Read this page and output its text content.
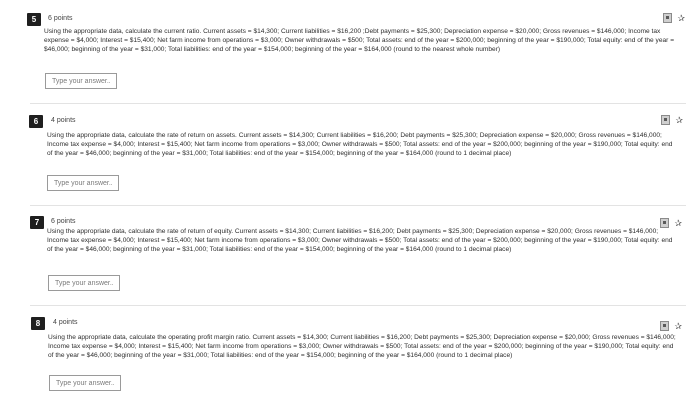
5	6 points	✰
Using the appropriate data, calculate the current ratio. Current assets = $14,300; Current liabilities = $16,200 ;Debt payments = $25,300; Depreciation expense = $20,000; Gross revenues = $146,000; Income tax expense = $4,000; Interest = $15,400; Net farm income from operations = $3,000; Owner withdrawals = $500; Total assets: end of the year = $200,000; beginning of the year = $190,000; Total equity: end of the year = $46,000; beginning of the year = $31,000; Total liabilities: end of the year = $154,000; beginning of the year = $164,000 (round to the nearest whole number)
Type your answer...
6	4 points	✰
Using the appropriate data, calculate the rate of return on assets. Current assets = $14,300; Current liabilities = $16,200; Debt payments = $25,300; Depreciation expense = $20,000; Gross revenues = $146,000; Income tax expense = $4,000; Interest = $15,400; Net farm income from operations = $3,000; Owner withdrawals = $500; Total assets: end of the year = $200,000; beginning of the year = $190,000; Total equity: end of the year = $46,000; beginning of the year = $31,000; Total liabilities: end of the year = $154,000; beginning of the year = $164,000 (round to 1 decimal place)
Type your answer...
7	6 points	✰
Using the appropriate data, calculate the rate of return of equity. Current assets = $14,300; Current liabilities = $16,200; Debt payments = $25,300; Depreciation expense = $20,000; Gross revenues = $146,000; Income tax expense = $4,000; Interest = $15,400; Net farm income from operations = $3,000; Owner withdrawals = $500; Total assets: end of the year = $200,000; beginning of the year = $190,000; Total equity: end of the year = $46,000; beginning of the year = $31,000; Total liabilities: end of the year = $154,000; beginning of the year = $164,000 (round to 1 decimal place)
Type your answer...
8	4 points	✰
Using the appropriate data, calculate the operating profit margin ratio. Current assets = $14,300; Current liabilities = $16,200; Debt payments = $25,300; Depreciation expense = $20,000; Gross revenues = $146,000; Income tax expense = $4,000; Interest = $15,400; Net farm income from operations = $3,000; Owner withdrawals = $500; Total assets: end of the year = $200,000; beginning of the year = $190,000; Total equity: end of the year = $46,000; beginning of the year = $31,000; Total liabilities: end of the year = $154,000; beginning of the year = $164,000 (round to 1 decimal place)
Type your answer...
